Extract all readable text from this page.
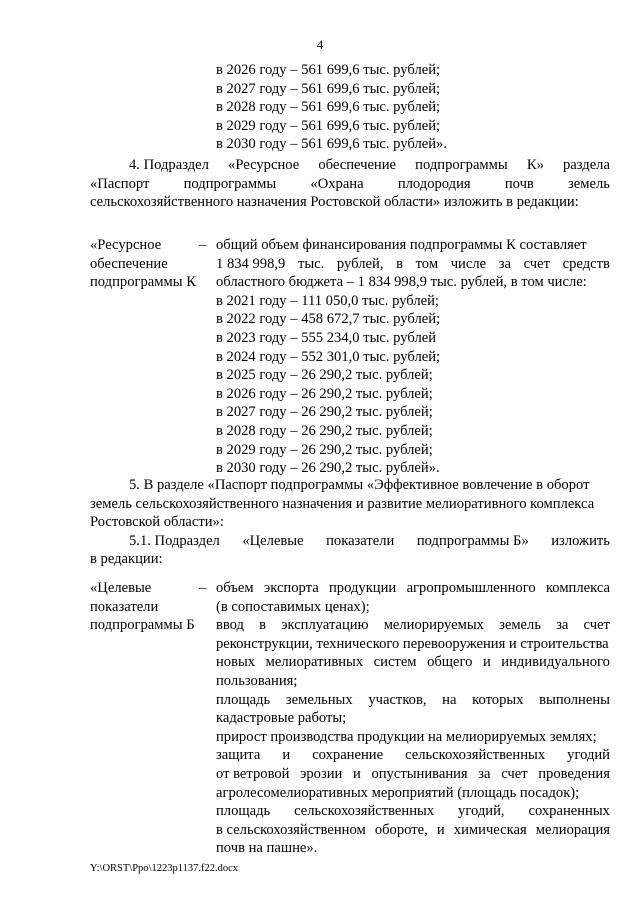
4
в 2026 году – 561 699,6 тыс. рублей;
в 2027 году – 561 699,6 тыс. рублей;
в 2028 году – 561 699,6 тыс. рублей;
в 2029 году – 561 699,6 тыс. рублей;
в 2030 году – 561 699,6 тыс. рублей».
4. Подраздел «Ресурсное обеспечение подпрограммы К» раздела
«Паспорт подпрограммы «Охрана плодородия почв земель
сельскохозяйственного назначения Ростовской области» изложить в редакции:
«Ресурсное
обеспечение
подпрограммы К
– общий объем финансирования подпрограммы К составляет
1 834 998,9 тыс. рублей, в том числе за счет средств
областного бюджета – 1 834 998,9 тыс. рублей, в том числе:
в 2021 году – 111 050,0 тыс. рублей;
в 2022 году – 458 672,7 тыс. рублей;
в 2023 году – 555 234,0 тыс. рублей
в 2024 году – 552 301,0 тыс. рублей;
в 2025 году – 26 290,2 тыс. рублей;
в 2026 году – 26 290,2 тыс. рублей;
в 2027 году – 26 290,2 тыс. рублей;
в 2028 году – 26 290,2 тыс. рублей;
в 2029 году – 26 290,2 тыс. рублей;
в 2030 году – 26 290,2 тыс. рублей».
5. В разделе «Паспорт подпрограммы «Эффективное вовлечение в оборот
земель сельскохозяйственного назначения и развитие мелиоративного комплекса
Ростовской области»:
5.1. Подраздел «Целевые показатели подпрограммы Б» изложить
в редакции:
«Целевые
показатели
подпрограммы Б
– объем экспорта продукции агропромышленного комплекса
(в сопоставимых ценах);
ввод в эксплуатацию мелиорируемых земель за счет
реконструкции, технического перевооружения и строительства
новых мелиоративных систем общего и индивидуального
пользования;
площадь земельных участков, на которых выполнены
кадастровые работы;
прирост производства продукции на мелиорируемых землях;
защита и сохранение сельскохозяйственных угодий
от ветровой эрозии и опустынивания за счет проведения
агролесомелиоративных мероприятий (площадь посадок);
площадь сельскохозяйственных угодий, сохраненных
в сельскохозяйственном обороте, и химическая мелиорация
почв на пашне».
Y:\ORST\Ppo\1223p1137.f22.docx
